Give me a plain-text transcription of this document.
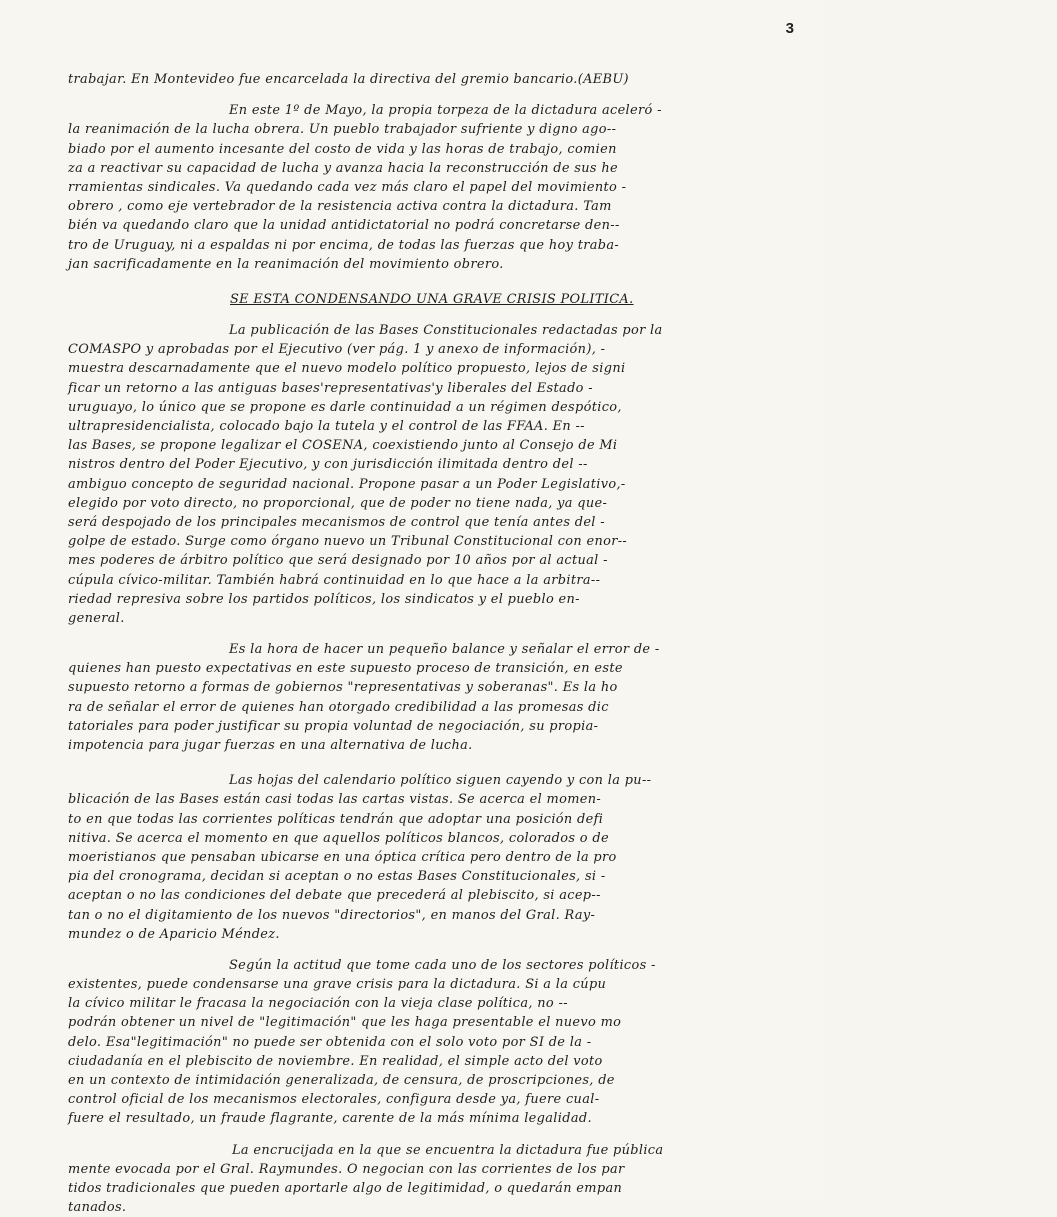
3
trabajar. En Montevideo fue encarcelada la directiva del gremio bancario.(AEBU)
En este 1º de Mayo, la propia torpeza de la dictadura aceleró -
la reanimación de la lucha obrera. Un pueblo trabajador sufriente y digno ago--
biado por el aumento incesante del costo de vida y las horas de trabajo, comien
za a reactivar su capacidad de lucha y avanza hacia la reconstrucción de sus he
rramientas sindicales. Va quedando cada vez más claro el papel del movimiento -
obrero , como eje vertebrador de la resistencia activa contra la dictadura. Tam
bién va quedando claro que la unidad antidictatorial no podrá concretarse den--
tro de Uruguay, ni a espaldas ni por encima, de todas las fuerzas que hoy traba-
jan sacrificadamente en la reanimación del movimiento obrero.
SE ESTA CONDENSANDO UNA GRAVE CRISIS POLITICA.
La publicación de las Bases Constitucionales redactadas por la
COMASPO y aprobadas por el Ejecutivo (ver pág. 1 y anexo de información), -
muestra descarnadamente que el nuevo modelo político propuesto, lejos de signi
ficar un retorno a las antiguas bases'representativas'y liberales del Estado -
uruguayo, lo único que se propone es darle continuidad a un régimen despótico,
ultrapresidencialista, colocado bajo la tutela y el control de las FFAA. En --
las Bases, se propone legalizar el COSENA, coexistiendo junto al Consejo de Mi
nistros dentro del Poder Ejecutivo, y con jurisdicción ilimitada dentro del --
ambiguo concepto de seguridad nacional. Propone pasar a un Poder Legislativo,-
elegido por voto directo, no proporcional, que de poder no tiene nada, ya que-
será despojado de los principales mecanismos de control que tenía antes del -
golpe de estado. Surge como órgano nuevo un Tribunal Constitucional con enor--
mes poderes de árbitro político que será designado por 10 años por al actual -
cúpula cívico-militar. También habrá continuidad en lo que hace a la arbitra--
riedad represiva sobre los partidos políticos, los sindicatos y el pueblo en-
general.
Es la hora de hacer un pequeño balance y señalar el error de -
quienes han puesto expectativas en este supuesto proceso de transición, en este
supuesto retorno a formas de gobiernos "representativas y soberanas". Es la ho
ra de señalar el error de quienes han otorgado credibilidad a las promesas dic
tatoriales para poder justificar su propia voluntad de negociación, su propia-
impotencia para jugar fuerzas en una alternativa de lucha.
Las hojas del calendario político siguen cayendo y con la pu--
blicación de las Bases están casi todas las cartas vistas. Se acerca el momen-
to en que todas las corrientes políticas tendrán que adoptar una posición defi
nitiva. Se acerca el momento en que aquellos políticos blancos, colorados o de
moeristianos que pensaban ubicarse en una óptica crítica pero dentro de la pro
pia del cronograma, decidan si aceptan o no estas Bases Constitucionales, si -
aceptan o no las condiciones del debate que precederá al plebiscito, si acep--
tan o no el digitamiento de los nuevos "directorios", en manos del Gral. Ray-
mundez o de Aparicio Méndez.
Según la actitud que tome cada uno de los sectores políticos -
existentes, puede condensarse una grave crisis para la dictadura. Si a la cúpu
la cívico militar le fracasa la negociación con la vieja clase política, no --
podrán obtener un nivel de "legitimación" que les haga presentable el nuevo mo
delo. Esa"legitimación" no puede ser obtenida con el solo voto por SI de la -
ciudadanía en el plebiscito de noviembre. En realidad, el simple acto del voto
en un contexto de intimidación generalizada, de censura, de proscripciones, de
control oficial de los mecanismos electorales, configura desde ya, fuere cual-
fuere el resultado, un fraude flagrante, carente de la más mínima legalidad.
La encrucijada en la que se encuentra la dictadura fue pública
mente evocada por el Gral. Raymundes. O negocian con las corrientes de los par
tidos tradicionales que pueden aportarle algo de legitimidad, o quedarán empan
tanados.
